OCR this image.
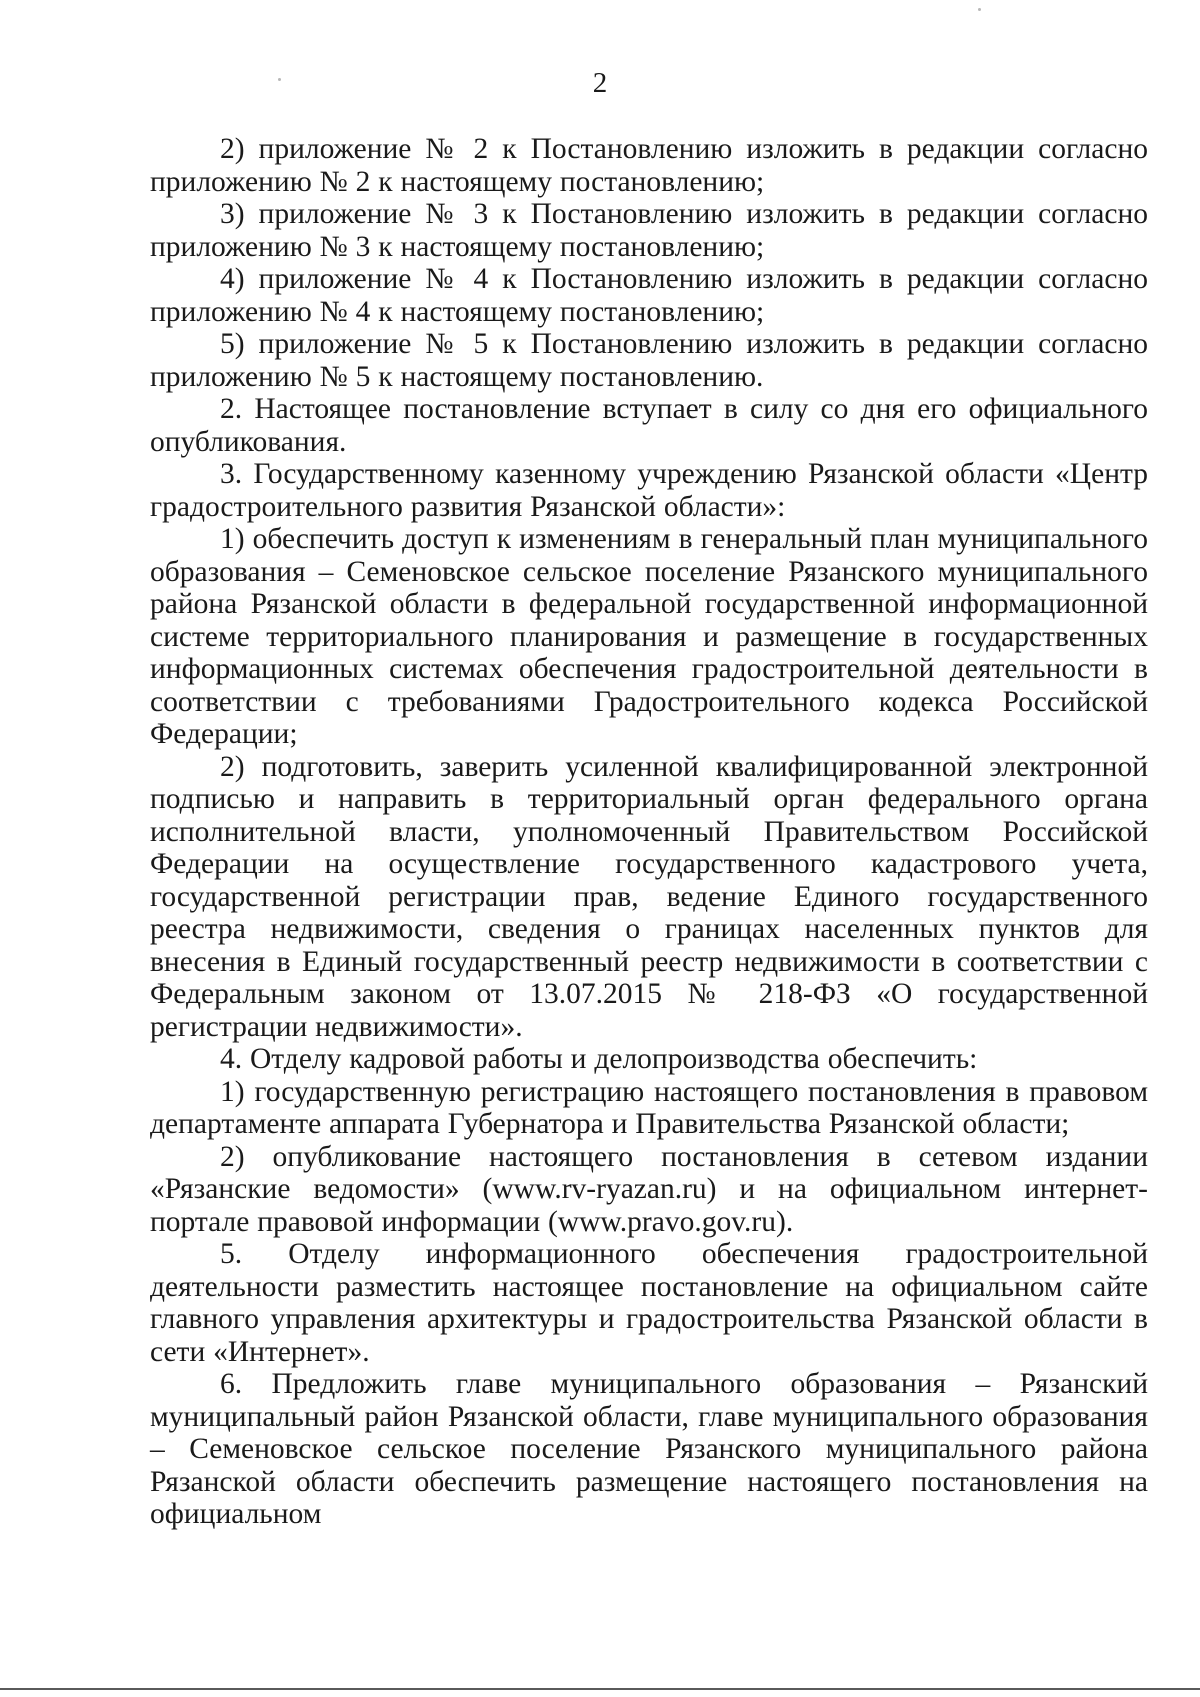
2

2) приложение № 2 к Постановлению изложить в редакции согласно приложению № 2 к настоящему постановлению;

3) приложение № 3 к Постановлению изложить в редакции согласно приложению № 3 к настоящему постановлению;

4) приложение № 4 к Постановлению изложить в редакции согласно приложению № 4 к настоящему постановлению;

5) приложение № 5 к Постановлению изложить в редакции согласно приложению № 5 к настоящему постановлению.

2. Настоящее постановление вступает в силу со дня его официального опубликования.

3. Государственному казенному учреждению Рязанской области «Центр градостроительного развития Рязанской области»:

1) обеспечить доступ к изменениям в генеральный план муниципального образования – Семеновское сельское поселение Рязанского муниципального района Рязанской области в федеральной государственной информационной системе территориального планирования и размещение в государственных информационных системах обеспечения градостроительной деятельности в соответствии с требованиями Градостроительного кодекса Российской Федерации;

2) подготовить, заверить усиленной квалифицированной электронной подписью и направить в территориальный орган федерального органа исполнительной власти, уполномоченный Правительством Российской Федерации на осуществление государственного кадастрового учета, государственной регистрации прав, ведение Единого государственного реестра недвижимости, сведения о границах населенных пунктов для внесения в Единый государственный реестр недвижимости в соответствии с Федеральным законом от 13.07.2015 № 218-ФЗ «О государственной регистрации недвижимости».

4. Отделу кадровой работы и делопроизводства обеспечить:

1) государственную регистрацию настоящего постановления в правовом департаменте аппарата Губернатора и Правительства Рязанской области;

2) опубликование настоящего постановления в сетевом издании «Рязанские ведомости» (www.rv-ryazan.ru) и на официальном интернет-портале правовой информации (www.pravo.gov.ru).

5. Отделу информационного обеспечения градостроительной деятельности разместить настоящее постановление на официальном сайте главного управления архитектуры и градостроительства Рязанской области в сети «Интернет».

6. Предложить главе муниципального образования – Рязанский муниципальный район Рязанской области, главе муниципального образования – Семеновское сельское поселение Рязанского муниципального района Рязанской области обеспечить размещение настоящего постановления на официальном
